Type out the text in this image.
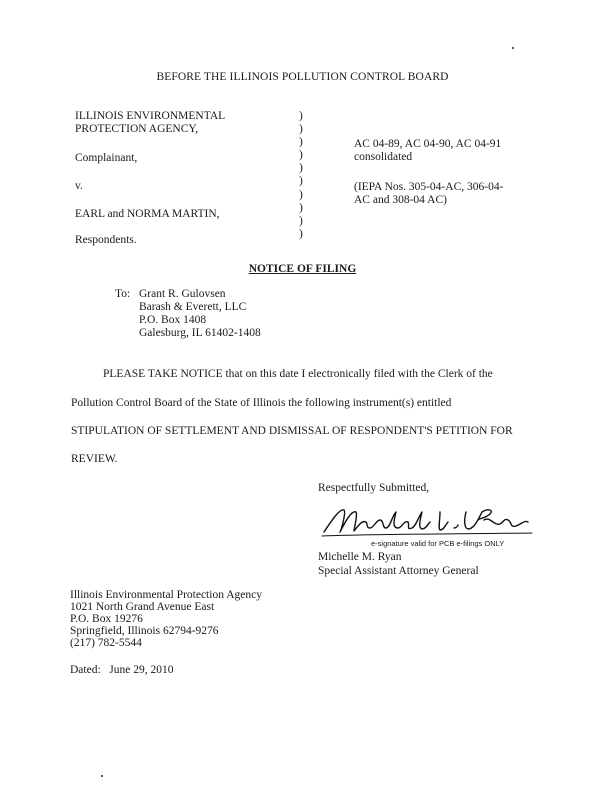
BEFORE THE ILLINOIS POLLUTION CONTROL BOARD
ILLINOIS ENVIRONMENTAL
PROTECTION AGENCY,
Complainant,
v.
EARL and NORMA MARTIN,
Respondents.
)
)
)
)
)
)
)
)
)
)
AC 04-89, AC 04-90, AC 04-91
consolidated
(IEPA Nos. 305-04-AC, 306-04-
AC and 308-04 AC)
NOTICE OF FILING
To: Grant R. Gulovsen
Barash & Everett, LLC
P.O. Box 1408
Galesburg, IL 61402-1408
PLEASE TAKE NOTICE that on this date I electronically filed with the Clerk of the
Pollution Control Board of the State of Illinois the following instrument(s) entitled
STIPULATION OF SETTLEMENT AND DISMISSAL OF RESPONDENT'S PETITION FOR
REVIEW.
Respectfully Submitted,
e-signature valid for PCB e-filings ONLY
Michelle M. Ryan
Special Assistant Attorney General
Illinois Environmental Protection Agency
1021 North Grand Avenue East
P.O. Box 19276
Springfield, Illinois 62794-9276
(217) 782-5544
Dated:   June 29, 2010
